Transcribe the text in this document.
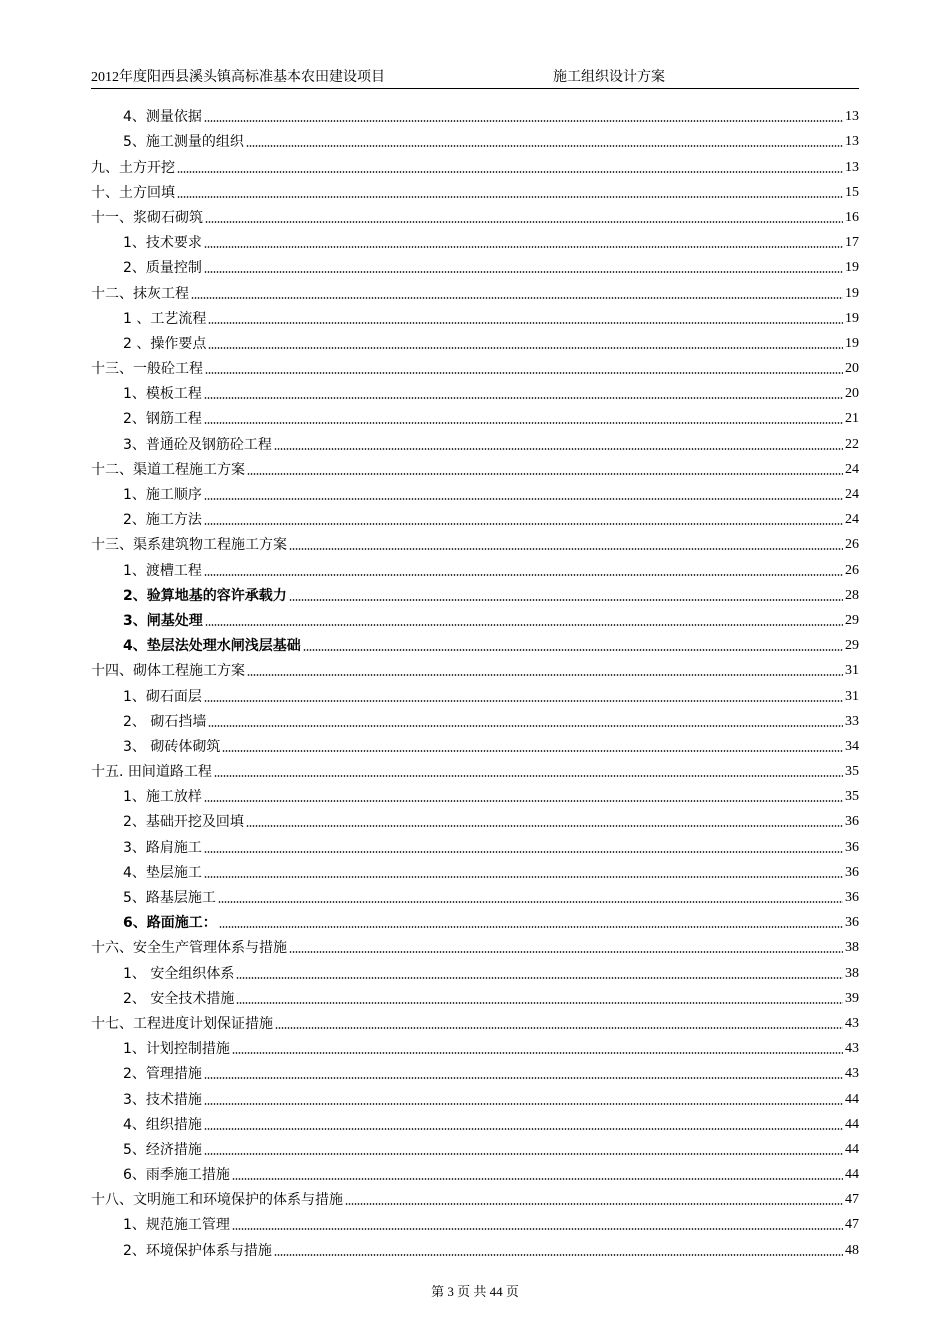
2012年度阳西县溪头镇高标准基本农田建设项目	施工组织设计方案
4、测量依据	13
5、施工测量的组织	13
九、土方开挖	13
十、土方回填	15
十一、浆砌石砌筑	16
1、技术要求	17
2、质量控制	19
十二、抹灰工程	19
1 、工艺流程	19
2 、操作要点	19
十三、一般砼工程	20
1、模板工程	20
2、钢筋工程	21
3、普通砼及钢筋砼工程	22
十二、渠道工程施工方案	24
1、施工顺序	24
2、施工方法	24
十三、渠系建筑物工程施工方案	26
1、渡槽工程	26
2、验算地基的容许承载力	28
3、闸基处理	29
4、垫层法处理水闸浅层基础	29
十四、砌体工程施工方案	31
1、砌石面层	31
2、 砌石挡墙	33
3、 砌砖体砌筑	34
十五. 田间道路工程	35
1、施工放样	35
2、基础开挖及回填	36
3、路肩施工	36
4、垫层施工	36
5、路基层施工	36
6、路面施工：	36
十六、安全生产管理体系与措施	38
1、 安全组织体系	38
2、 安全技术措施	39
十七、工程进度计划保证措施	43
1、计划控制措施	43
2、管理措施	43
3、技术措施	44
4、组织措施	44
5、经济措施	44
6、雨季施工措施	44
十八、文明施工和环境保护的体系与措施	47
1、规范施工管理	47
2、环境保护体系与措施	48
第 3 页 共 44 页
